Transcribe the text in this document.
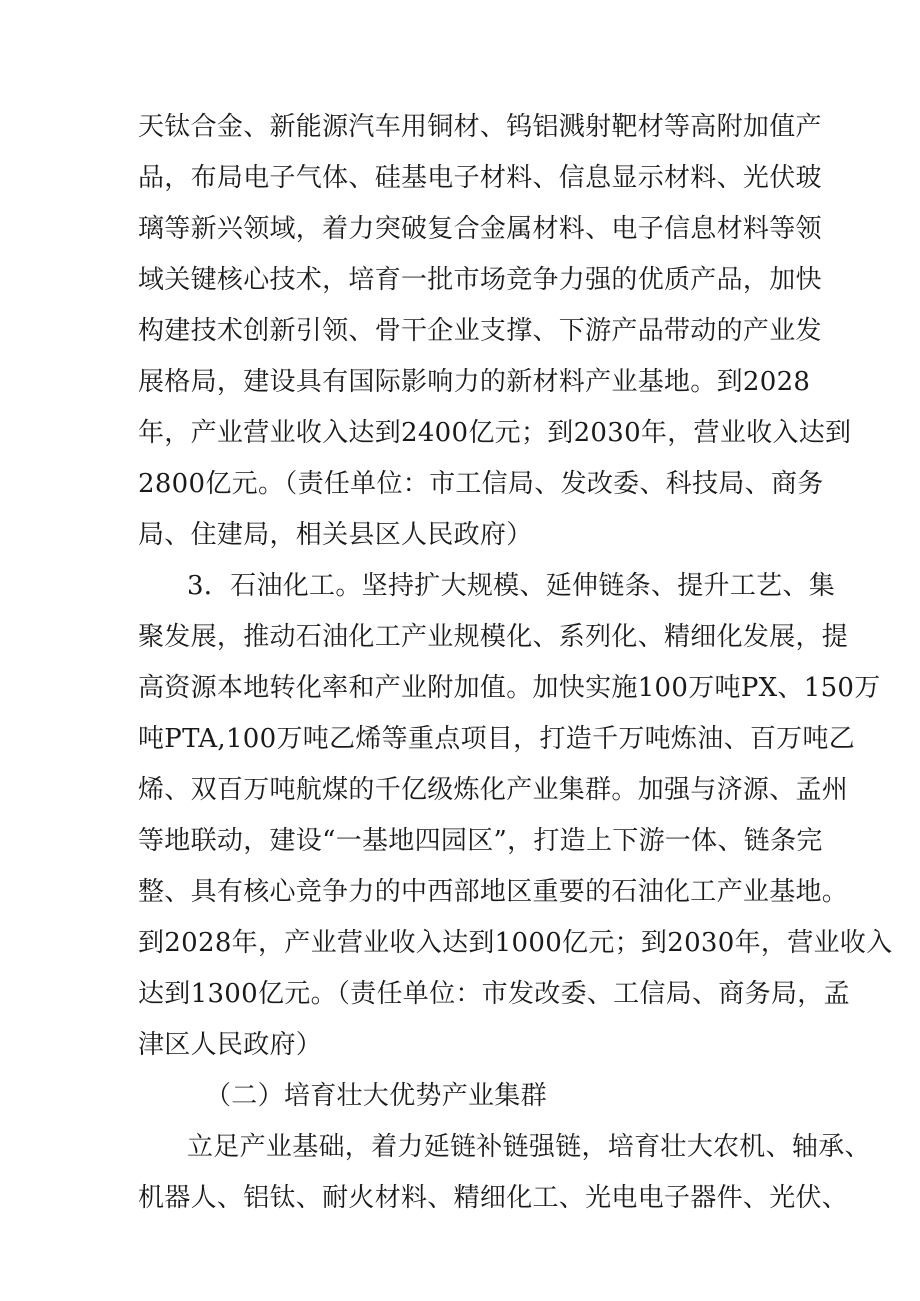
天钛合金、新能源汽车用铜材、钨铝溅射靶材等高附加值产

品，布局电子气体、硅基电子材料、信息显示材料、光伏玻

璃等新兴领域，着力突破复合金属材料、电子信息材料等领

域关键核心技术，培育一批市场竞争力强的优质产品，加快

构建技术创新引领、骨干企业支撑、下游产品带动的产业发

展格局，建设具有国际影响力的新材料产业基地。到2028

年，产业营业收入达到2400亿元；到2030年，营业收入达到

2800亿元。（责任单位：市工信局、发改委、科技局、商务

局、住建局，相关县区人民政府）

3．石油化工。坚持扩大规模、延伸链条、提升工艺、集

聚发展，推动石油化工产业规模化、系列化、精细化发展，提

高资源本地转化率和产业附加值。加快实施100万吨PX、150万

吨PTA,100万吨乙烯等重点项目，打造千万吨炼油、百万吨乙

烯、双百万吨航煤的千亿级炼化产业集群。加强与济源、孟州

等地联动，建设“一基地四园区”，打造上下游一体、链条完

整、具有核心竞争力的中西部地区重要的石油化工产业基地。

到2028年，产业营业收入达到1000亿元；到2030年，营业收入

达到1300亿元。（责任单位：市发改委、工信局、商务局，孟

津区人民政府）

（二）培育壮大优势产业集群

立足产业基础，着力延链补链强链，培育壮大农机、轴承、

机器人、铝钛、耐火材料、精细化工、光电电子器件、光伏、
